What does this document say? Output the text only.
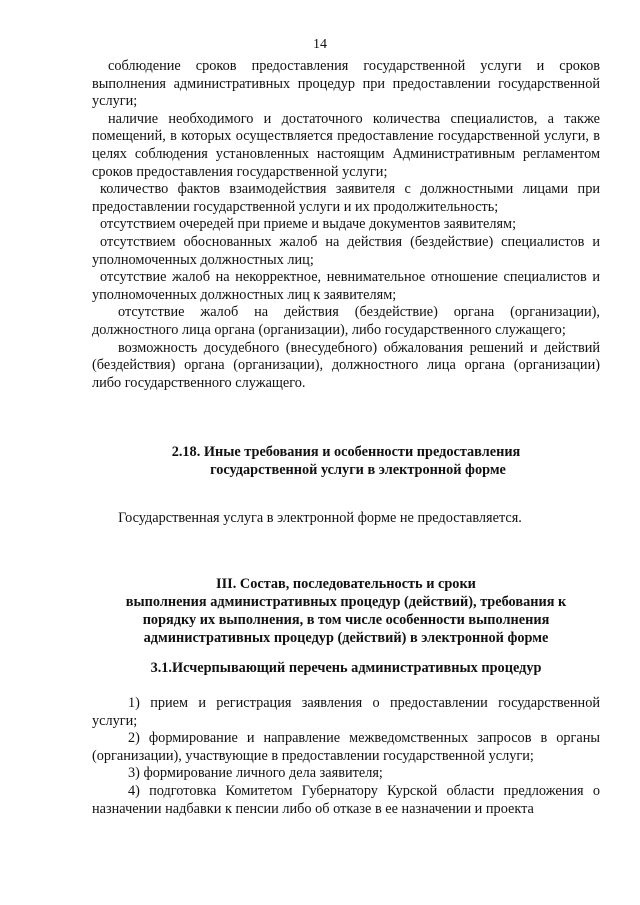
14

соблюдение сроков предоставления государственной услуги и сроков выполнения административных процедур при предоставлении государственной услуги;

наличие необходимого и достаточного количества специалистов, а также помещений, в которых осуществляется предоставление государственной услуги, в целях соблюдения установленных настоящим Административным регламентом сроков предоставления государственной услуги;

количество фактов взаимодействия заявителя с должностными лицами при предоставлении государственной услуги и их продолжительность;

отсутствием очередей при приеме и выдаче документов заявителям;

отсутствием обоснованных жалоб на действия (бездействие) специалистов и уполномоченных должностных лиц;

отсутствие жалоб на некорректное, невнимательное отношение специалистов и уполномоченных должностных лиц к заявителям;

отсутствие жалоб на действия (бездействие) органа (организации), должностного лица органа (организации), либо государственного служащего;

возможность досудебного (внесудебного) обжалования решений и действий (бездействия) органа (организации), должностного лица органа (организации) либо государственного служащего.

2.18. Иные требования и особенности предоставления
государственной услуги в электронной форме
Государственная услуга в электронной форме не предоставляется.
III. Состав, последовательность и сроки
выполнения административных процедур (действий), требования к
порядку их выполнения, в том числе особенности выполнения
административных процедур (действий) в электронной форме
3.1.Исчерпывающий перечень административных процедур

1) прием и регистрация заявления о предоставлении государственной услуги;

2) формирование и направление межведомственных запросов в органы (организации), участвующие в предоставлении государственной услуги;

3) формирование личного дела заявителя;

4) подготовка Комитетом Губернатору Курской области предложения о назначении надбавки к пенсии либо об отказе в ее назначении и проекта
